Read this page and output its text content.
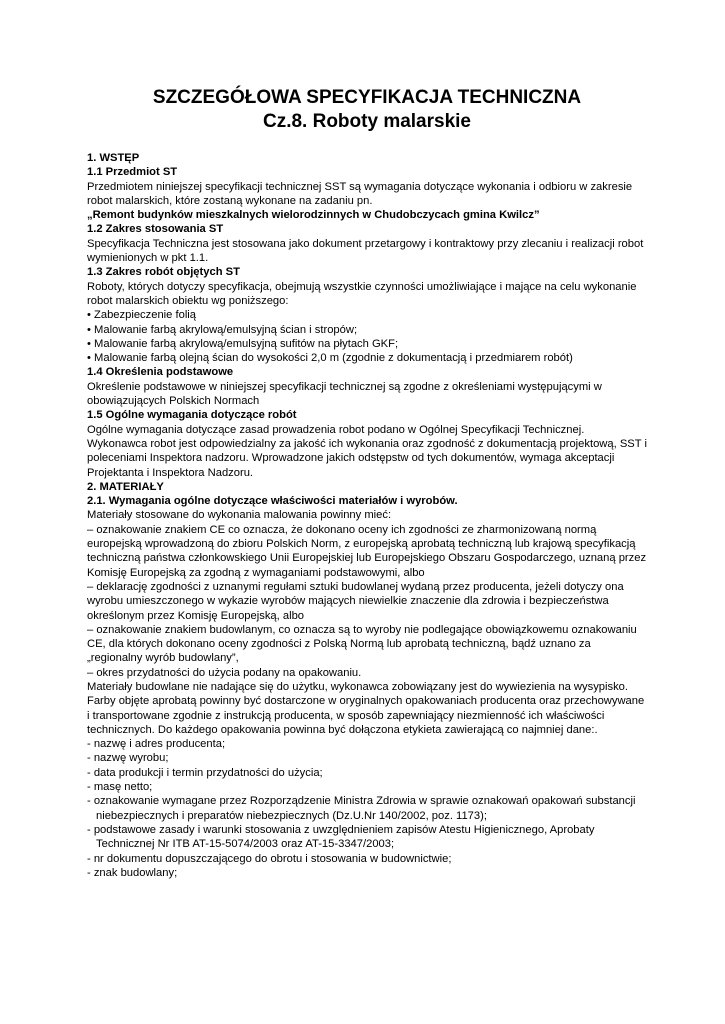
SZCZEGÓŁOWA SPECYFIKACJA TECHNICZNA
Cz.8. Roboty malarskie
1. WSTĘP
1.1 Przedmiot ST
Przedmiotem niniejszej specyfikacji technicznej SST są wymagania dotyczące wykonania i odbioru w zakresie robot malarskich, które zostaną wykonane na zadaniu pn.
„Remont budynków mieszkalnych wielorodzinnych w Chudobczycach gmina Kwilcz”
1.2 Zakres stosowania ST
Specyfikacja Techniczna jest stosowana jako dokument przetargowy i kontraktowy przy zlecaniu i realizacji robot wymienionych w pkt 1.1.
1.3 Zakres robót objętych ST
Roboty, których dotyczy specyfikacja, obejmują wszystkie czynności umożliwiające i mające na celu wykonanie robot malarskich obiektu wg poniższego:
• Zabezpieczenie folią
• Malowanie farbą akrylową/emulsyjną ścian i stropów;
• Malowanie farbą akrylową/emulsyjną sufitów na płytach GKF;
• Malowanie farbą olejną ścian do wysokości 2,0 m (zgodnie z dokumentacją i przedmiarem robót)
1.4 Określenia podstawowe
Określenie podstawowe w niniejszej specyfikacji technicznej są zgodne z określeniami występującymi w obowiązujących Polskich Normach
1.5 Ogólne wymagania dotyczące robót
Ogólne wymagania dotyczące zasad prowadzenia robot podano w Ogólnej Specyfikacji Technicznej.
Wykonawca robot jest odpowiedzialny za jakość ich wykonania oraz zgodność z dokumentacją projektową, SST i poleceniami Inspektora nadzoru. Wprowadzone jakich odstępstw od tych dokumentów, wymaga akceptacji Projektanta i Inspektora Nadzoru.
2. MATERIAŁY
2.1. Wymagania ogólne dotyczące właściwości materiałów i wyrobów.
Materiały stosowane do wykonania malowania powinny mieć:
– oznakowanie znakiem CE co oznacza, że dokonano oceny ich zgodności ze zharmonizowaną normą europejską wprowadzoną do zbioru Polskich Norm, z europejską aprobatą techniczną lub krajową specyfikacją techniczną państwa członkowskiego Unii Europejskiej lub Europejskiego Obszaru Gospodarczego, uznaną przez Komisję Europejską za zgodną z wymaganiami podstawowymi, albo
– deklarację zgodności z uznanymi regułami sztuki budowlanej wydaną przez producenta, jeżeli dotyczy ona wyrobu umieszczonego w wykazie wyrobów mających niewielkie znaczenie dla zdrowia i bezpieczeństwa określonym przez Komisję Europejską, albo
– oznakowanie znakiem budowlanym, co oznacza są to wyroby nie podlegające obowiązkowemu oznakowaniu CE, dla których dokonano oceny zgodności z Polską Normą lub aprobatą techniczną, bądź uznano za „regionalny wyrób budowlany”,
– okres przydatności do użycia podany na opakowaniu.
Materiały budowlane nie nadające się do użytku, wykonawca zobowiązany jest do wywiezienia na wysypisko.
Farby objęte aprobatą powinny być dostarczone w oryginalnych opakowaniach producenta oraz przechowywane i transportowane zgodnie z instrukcją producenta, w sposób zapewniający niezmienność ich właściwości technicznych. Do każdego opakowania powinna być dołączona etykieta zawierającą co najmniej dane:.
- nazwę i adres producenta;
- nazwę wyrobu;
- data produkcji i termin przydatności do użycia;
- masę netto;
- oznakowanie wymagane przez Rozporządzenie Ministra Zdrowia w sprawie oznakowań opakowań substancji niebezpiecznych i preparatów niebezpiecznych (Dz.U.Nr 140/2002, poz. 1173);
- podstawowe zasady i warunki stosowania z uwzględnieniem zapisów Atestu Higienicznego, Aprobaty Technicznej Nr ITB AT-15-5074/2003 oraz AT-15-3347/2003;
- nr dokumentu dopuszczającego do obrotu i stosowania w budownictwie;
- znak budowlany;
